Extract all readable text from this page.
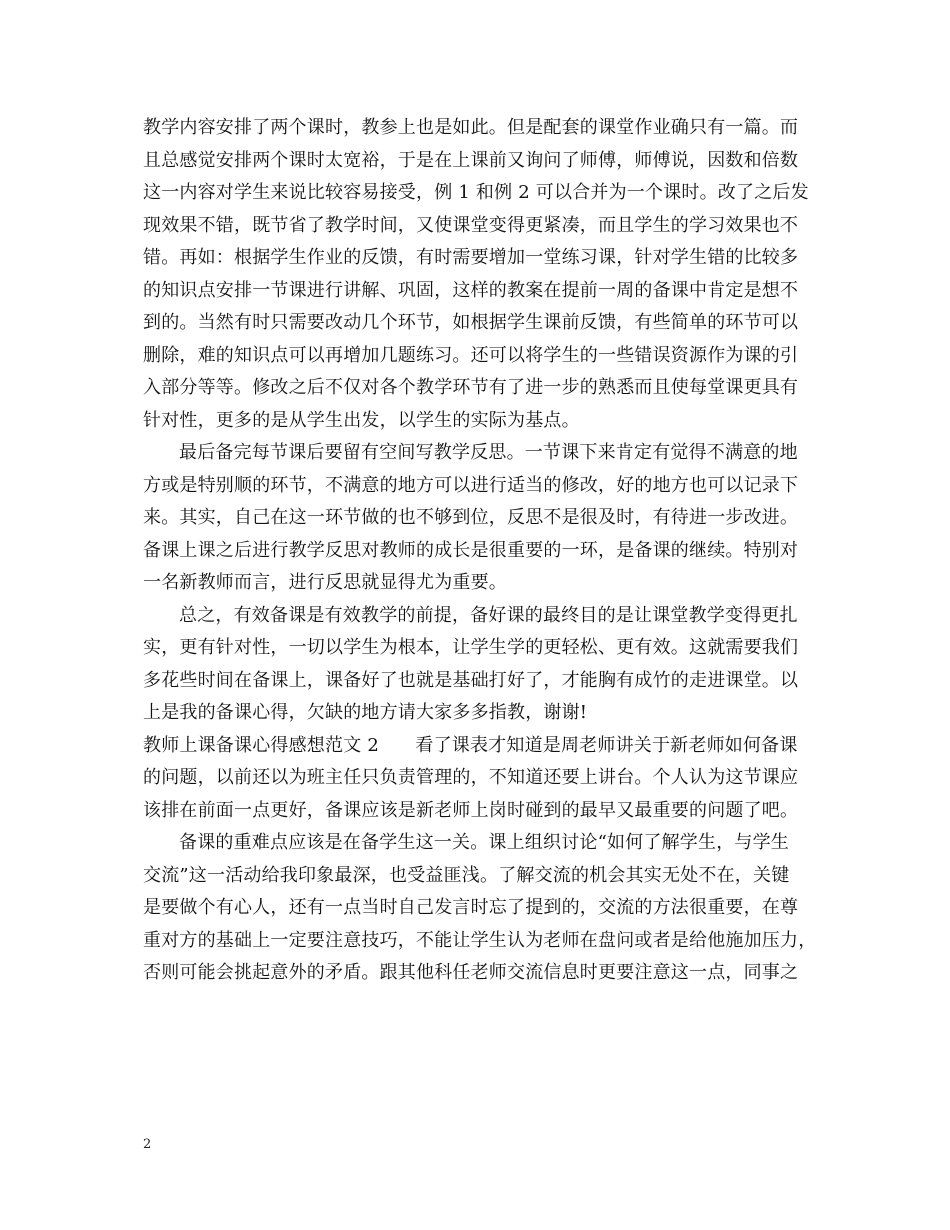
教学内容安排了两个课时，教参上也是如此。但是配套的课堂作业确只有一篇。而
且总感觉安排两个课时太宽裕，于是在上课前又询问了师傅，师傅说，因数和倍数
这一内容对学生来说比较容易接受，例 1 和例 2 可以合并为一个课时。改了之后发
现效果不错，既节省了教学时间，又使课堂变得更紧凑，而且学生的学习效果也不
错。再如：根据学生作业的反馈，有时需要增加一堂练习课，针对学生错的比较多
的知识点安排一节课进行讲解、巩固，这样的教案在提前一周的备课中肯定是想不
到的。当然有时只需要改动几个环节，如根据学生课前反馈，有些简单的环节可以
删除，难的知识点可以再增加几题练习。还可以将学生的一些错误资源作为课的引
入部分等等。修改之后不仅对各个教学环节有了进一步的熟悉而且使每堂课更具有
针对性，更多的是从学生出发，以学生的实际为基点。
最后备完每节课后要留有空间写教学反思。一节课下来肯定有觉得不满意的地
方或是特别顺的环节，不满意的地方可以进行适当的修改，好的地方也可以记录下
来。其实，自己在这一环节做的也不够到位，反思不是很及时，有待进一步改进。
备课上课之后进行教学反思对教师的成长是很重要的一环，是备课的继续。特别对
一名新教师而言，进行反思就显得尤为重要。
总之，有效备课是有效教学的前提，备好课的最终目的是让课堂教学变得更扎
实，更有针对性，一切以学生为根本，让学生学的更轻松、更有效。这就需要我们
多花些时间在备课上，课备好了也就是基础打好了，才能胸有成竹的走进课堂。以
上是我的备课心得，欠缺的地方请大家多多指教，谢谢!
教师上课备课心得感想范文 2　　看了课表才知道是周老师讲关于新老师如何备课
的问题，以前还以为班主任只负责管理的，不知道还要上讲台。个人认为这节课应
该排在前面一点更好，备课应该是新老师上岗时碰到的最早又最重要的问题了吧。
备课的重难点应该是在备学生这一关。课上组织讨论“如何了解学生，与学生
交流”这一活动给我印象最深，也受益匪浅。了解交流的机会其实无处不在，关键
是要做个有心人，还有一点当时自己发言时忘了提到的，交流的方法很重要，在尊
重对方的基础上一定要注意技巧，不能让学生认为老师在盘问或者是给他施加压力，
否则可能会挑起意外的矛盾。跟其他科任老师交流信息时更要注意这一点，同事之
2
